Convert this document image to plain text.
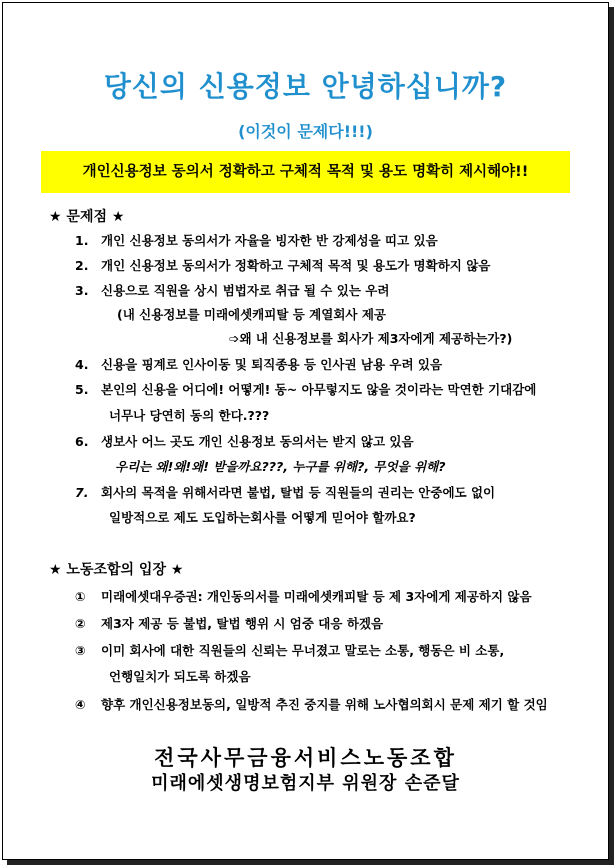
당신의 신용정보 안녕하십니까?
(이것이 문제다!!!)
개인신용정보 동의서 정확하고 구체적 목적 및 용도 명확히 제시해야!!
★ 문제점 ★
1. 개인 신용정보 동의서가 자율을 빙자한 반 강제성을 띠고 있음
2. 개인 신용정보 동의서가 정확하고 구체적 목적 및 용도가 명확하지 않음
3. 신용으로 직원을 상시 범법자로 취급 될 수 있는 우려
(내 신용정보를 미래에셋캐피탈 등 계열회사 제공
➩왜 내 신용정보를 회사가 제3자에게 제공하는가?)
4. 신용을 핑계로 인사이동 및 퇴직종용 등 인사권 남용 우려 있음
5. 본인의 신용을 어디에! 어떻게! 동~ 아무렇지도 않을 것이라는 막연한 기대감에
너무나 당연히 동의 한다.???
6. 생보사 어느 곳도 개인 신용정보 동의서는 받지 않고 있음
우리는 왜!왜!왜! 받을까요???, 누구를 위해?, 무엇을 위해?
7. 회사의 목적을 위해서라면 불법, 탈법 등 직원들의 권리는 안중에도 없이
일방적으로 제도 도입하는회사를 어떻게 믿어야 할까요?
★ 노동조합의 입장 ★
① 미래에셋대우증권: 개인동의서를 미래에셋캐피탈 등 제 3자에게 제공하지 않음
② 제3자 제공 등 불법, 탈법 행위 시 엄중 대응 하겠음
③ 이미 회사에 대한 직원들의 신뢰는 무너졌고 말로는 소통, 행동은 비 소통,
언행일치가 되도록 하겠음
④ 향후 개인신용정보동의, 일방적 추진 중지를 위해 노사협의회시 문제 제기 할 것임
전국사무금융서비스노동조합
미래에셋생명보험지부 위원장 손준달
